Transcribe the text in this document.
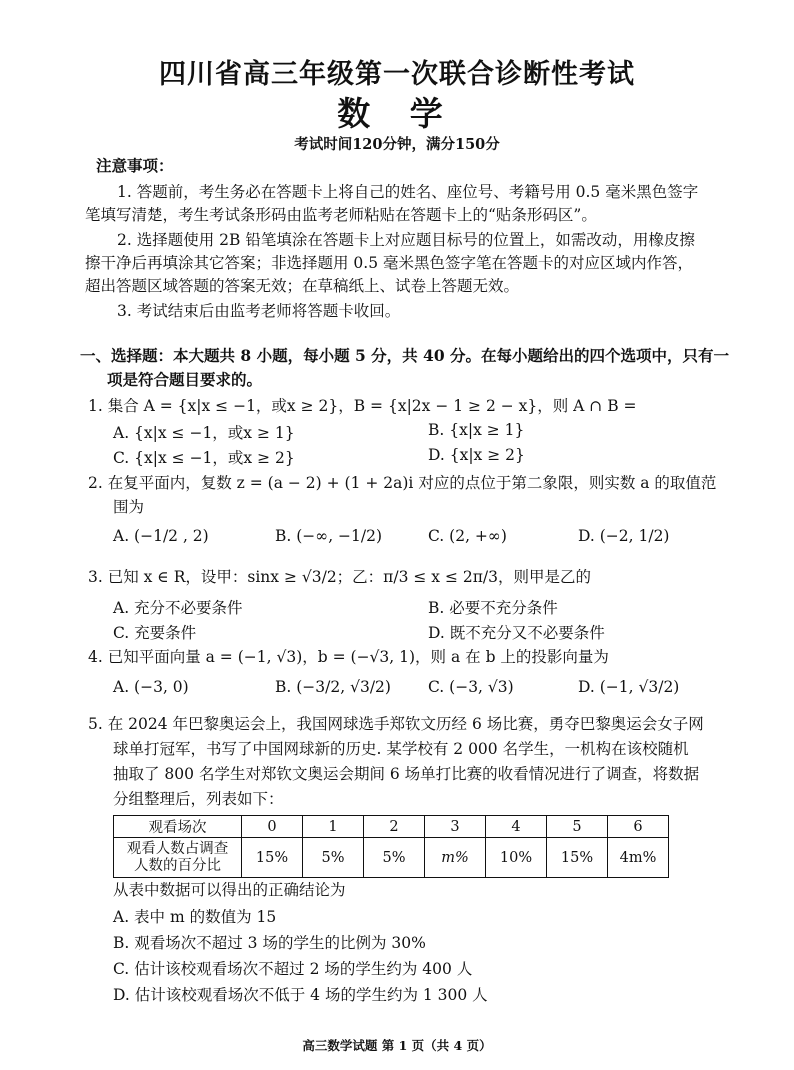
四川省高三年级第一次联合诊断性考试
数 学
考试时间120分钟，满分150分
注意事项：
1. 答题前，考生务必在答题卡上将自己的姓名、座位号、考籍号用 0.5 毫米黑色签字
笔填写清楚，考生考试条形码由监考老师粘贴在答题卡上的“贴条形码区”。
2. 选择题使用 2B 铅笔填涂在答题卡上对应题目标号的位置上，如需改动，用橡皮擦
擦干净后再填涂其它答案；非选择题用 0.5 毫米黑色签字笔在答题卡的对应区域内作答，
超出答题区域答题的答案无效；在草稿纸上、试卷上答题无效。
3. 考试结束后由监考老师将答题卡收回。
一、选择题：本大题共 8 小题，每小题 5 分，共 40 分。在每小题给出的四个选项中，只有一
项是符合题目要求的。
1. 集合 A = {x|x ≤ −1，或x ≥ 2}，B = {x|2x − 1 ≥ 2 − x}，则 A ∩ B =
A. {x|x ≤ −1，或x ≥ 1}	B. {x|x ≥ 1}
C. {x|x ≤ −1，或x ≥ 2}	D. {x|x ≥ 2}
2. 在复平面内，复数 z = (a − 2) + (1 + 2a)i 对应的点位于第二象限，则实数 a 的取值范
围为
A. (−1/2 , 2)	B. (−∞, −1/2)	C. (2, +∞)	D. (−2, 1/2)
3. 已知 x ∈ R，设甲：sinx ≥ √3/2；乙：π/3 ≤ x ≤ 2π/3，则甲是乙的
A. 充分不必要条件	B. 必要不充分条件
C. 充要条件	D. 既不充分又不必要条件
4. 已知平面向量 a = (−1, √3)，b = (−√3, 1)，则 a 在 b 上的投影向量为
A. (−3, 0)	B. (−3/2, √3/2) C. (−3, √3)	D. (−1, √3/2)
5. 在 2024 年巴黎奥运会上，我国网球选手郑钦文历经 6 场比赛，勇夺巴黎奥运会女子网
球单打冠军，书写了中国网球新的历史. 某学校有 2 000 名学生，一机构在该校随机
抽取了 800 名学生对郑钦文奥运会期间 6 场单打比赛的收看情况进行了调查，将数据
分组整理后，列表如下：
观看场次	0	1	2	3	4	5	6

观看人数占调查
人数的百分比	15%	5%	5%	m%	10%	15%	4m%
从表中数据可以得出的正确结论为
A. 表中 m 的数值为 15
B. 观看场次不超过 3 场的学生的比例为 30%
C. 估计该校观看场次不超过 2 场的学生约为 400 人
D. 估计该校观看场次不低于 4 场的学生约为 1 300 人
高三数学试题 第 1 页（共 4 页）
